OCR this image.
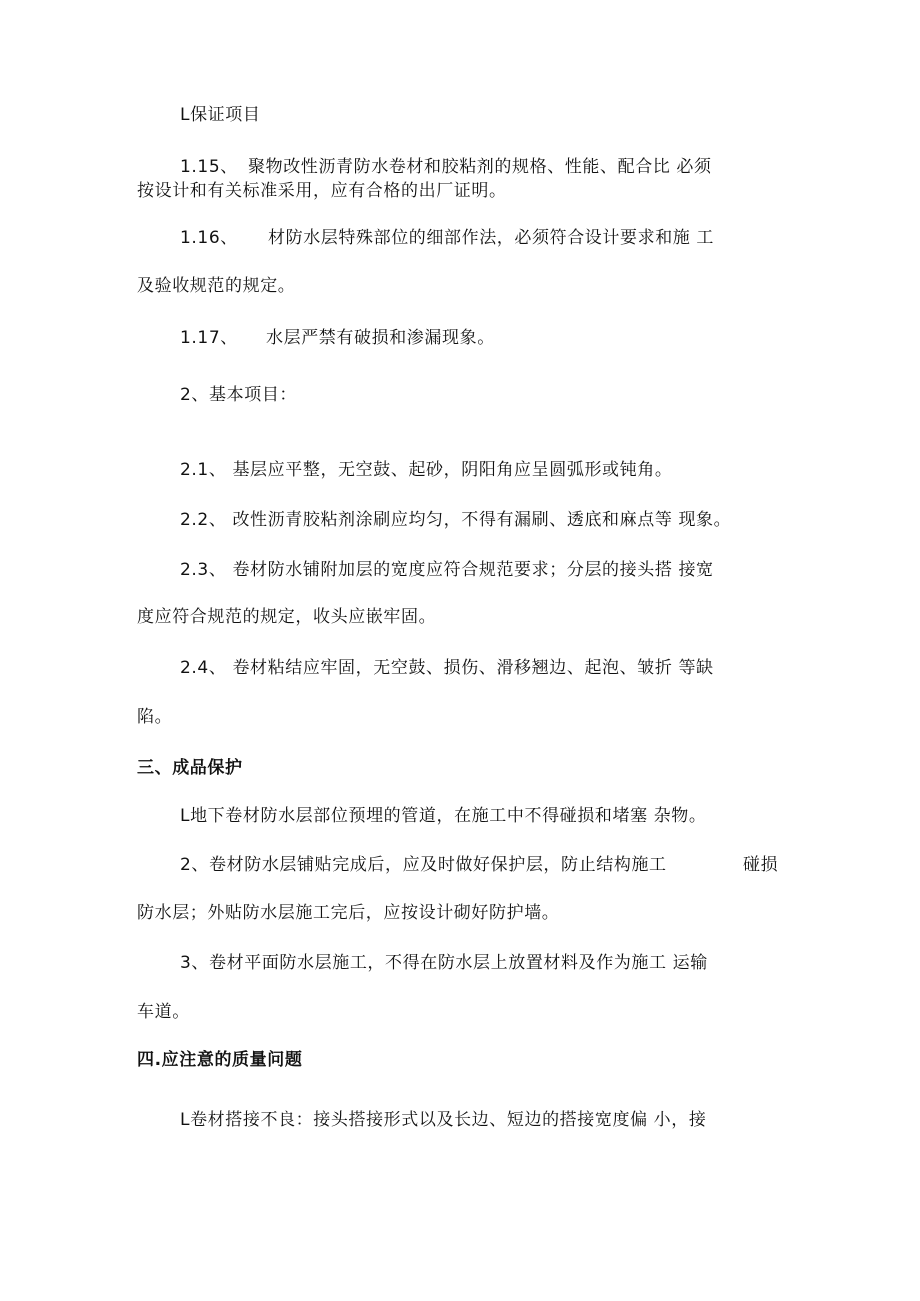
L保证项目
1.15、 聚物改性沥青防水卷材和胶粘剂的规格、性能、配合比 必须
按设计和有关标准采用，应有合格的出厂证明。
1.16、 材防水层特殊部位的细部作法，必须符合设计要求和施 工
及验收规范的规定。
1.17、 水层严禁有破损和渗漏现象。
2、基本项目：
2.1、 基层应平整，无空鼓、起砂，阴阳角应呈圆弧形或钝角。
2.2、 改性沥青胶粘剂涂刷应均匀，不得有漏刷、透底和麻点等 现象。
2.3、 卷材防水铺附加层的宽度应符合规范要求；分层的接头搭 接宽
度应符合规范的规定，收头应嵌牢固。
2.4、 卷材粘结应牢固，无空鼓、损伤、滑移翘边、起泡、皱折 等缺
陷。
三、成品保护
L地下卷材防水层部位预埋的管道，在施工中不得碰损和堵塞 杂物。
2、卷材防水层铺贴完成后，应及时做好保护层，防止结构施工	碰损
防水层；外贴防水层施工完后，应按设计砌好防护墙。
3、卷材平面防水层施工，不得在防水层上放置材料及作为施工 运输
车道。
四.应注意的质量问题
L卷材搭接不良：接头搭接形式以及长边、短边的搭接宽度偏 小，接
